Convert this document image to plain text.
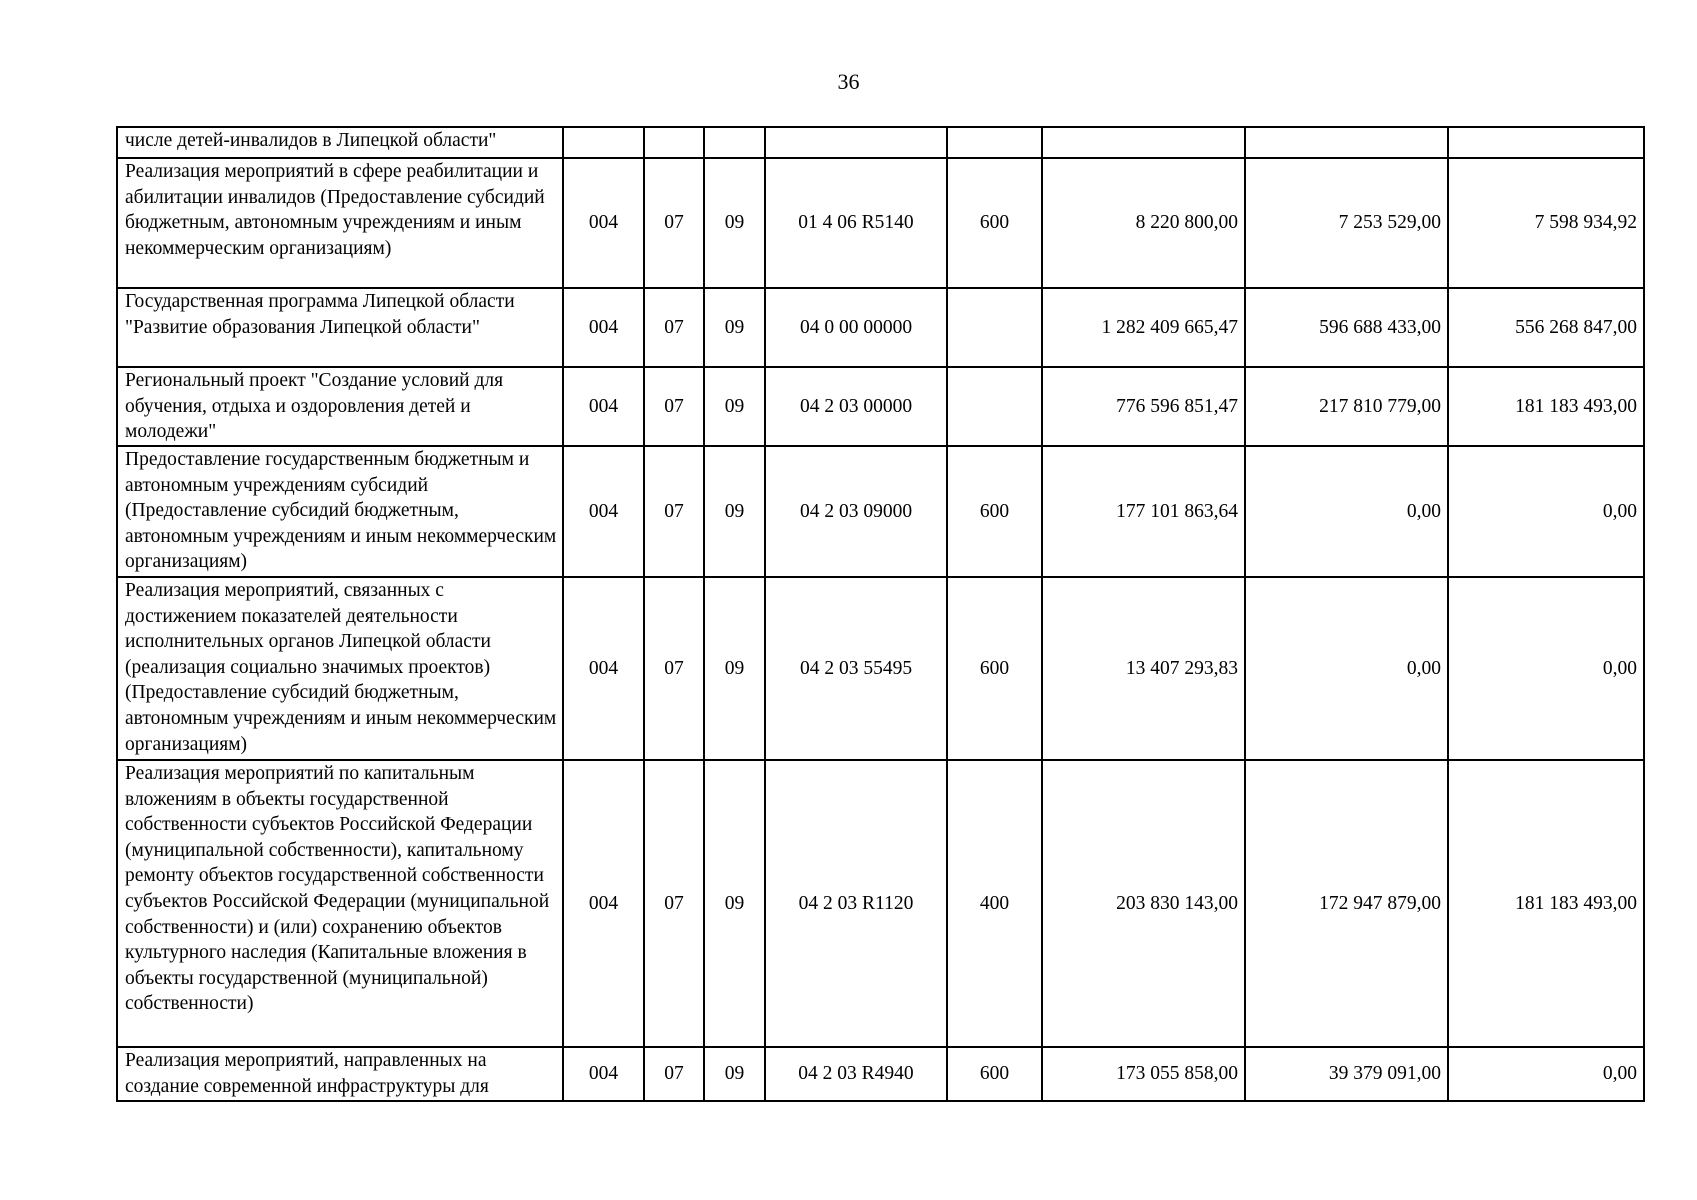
36
числе детей-инвалидов в Липецкой области"								
Реализация мероприятий в сфере реабилитации и абилитации инвалидов (Предоставление субсидий бюджетным, автономным учреждениям и иным некоммерческим организациям)	004	07	09	01 4 06 R5140	600	8 220 800,00	7 253 529,00	7 598 934,92
Государственная программа Липецкой области "Развитие образования Липецкой области"	004	07	09	04 0 00 00000		1 282 409 665,47	596 688 433,00	556 268 847,00
Региональный проект "Создание условий для обучения, отдыха и оздоровления детей и молодежи"	004	07	09	04 2 03 00000		776 596 851,47	217 810 779,00	181 183 493,00
Предоставление государственным бюджетным и автономным учреждениям субсидий (Предоставление субсидий бюджетным, автономным учреждениям и иным некоммерческим организациям)	004	07	09	04 2 03 09000	600	177 101 863,64	0,00	0,00
Реализация мероприятий, связанных с достижением показателей деятельности исполнительных органов Липецкой области (реализация социально значимых проектов) (Предоставление субсидий бюджетным, автономным учреждениям и иным некоммерческим организациям)	004	07	09	04 2 03 55495	600	13 407 293,83	0,00	0,00
Реализация мероприятий по капитальным вложениям в объекты государственной собственности субъектов Российской Федерации (муниципальной собственности), капитальному ремонту объектов государственной собственности субъектов Российской Федерации (муниципальной собственности) и (или) сохранению объектов культурного наследия (Капитальные вложения в объекты государственной (муниципальной) собственности)	004	07	09	04 2 03 R1120	400	203 830 143,00	172 947 879,00	181 183 493,00
Реализация мероприятий, направленных на создание современной инфраструктуры для	004	07	09	04 2 03 R4940	600	173 055 858,00	39 379 091,00	0,00
